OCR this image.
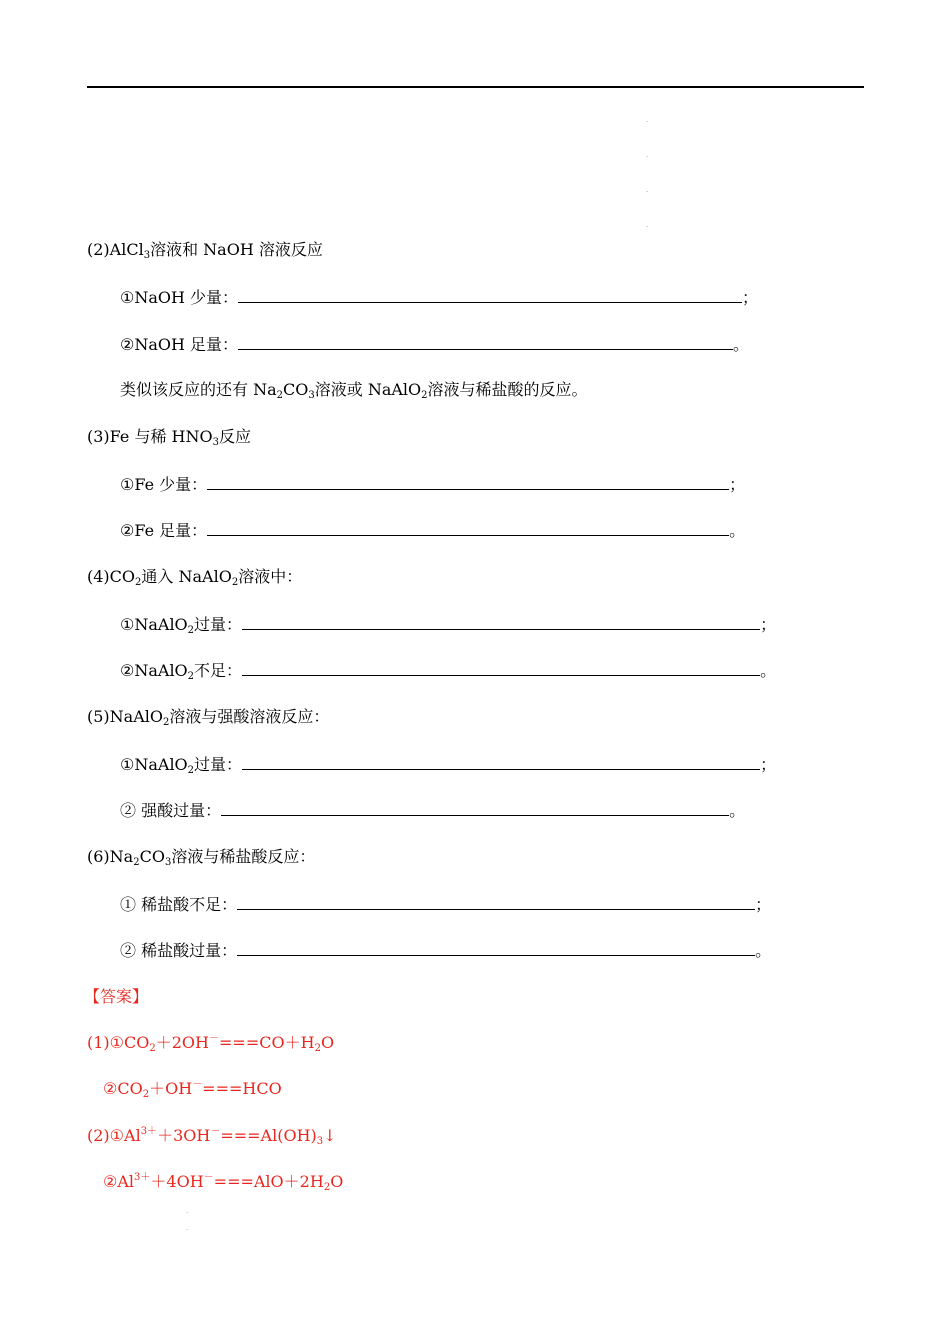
.
.
.
.
(2)AlCl$_3$溶液和 NaOH 溶液反应
①NaOH 少量：	；
②NaOH 足量：	。
类似该反应的还有 $Na_2CO_3$溶液或 NaAlO$_2$溶液与稀盐酸的反应。
(3)Fe 与稀 $HNO_3$反应
①Fe 少量：	；
②Fe 足量：	。
$(4)CO_2$通入 NaAlO$_2$溶液中：
①NaAlO$_2$过量：	；
②NaAlO$_2$不足：	。
(5)NaAlO$_2$溶液与强酸溶液反应：
①NaAlO$_2$过量：	；
② 强酸过量：	。
$(6)Na_2CO_3$溶液与稀盐酸反应：
① 稀盐酸不足：	；
② 稀盐酸过量：	。
【答案】
$(1)①CO_2+2OH^-===CO+H_2O$
$②CO_2+OH^-===HCO$
$(2)①Al^{3+}+3OH^-===Al(OH)_3↓$
$②Al^{3+}+4OH^-===AlO+2H_2O$
.
.
